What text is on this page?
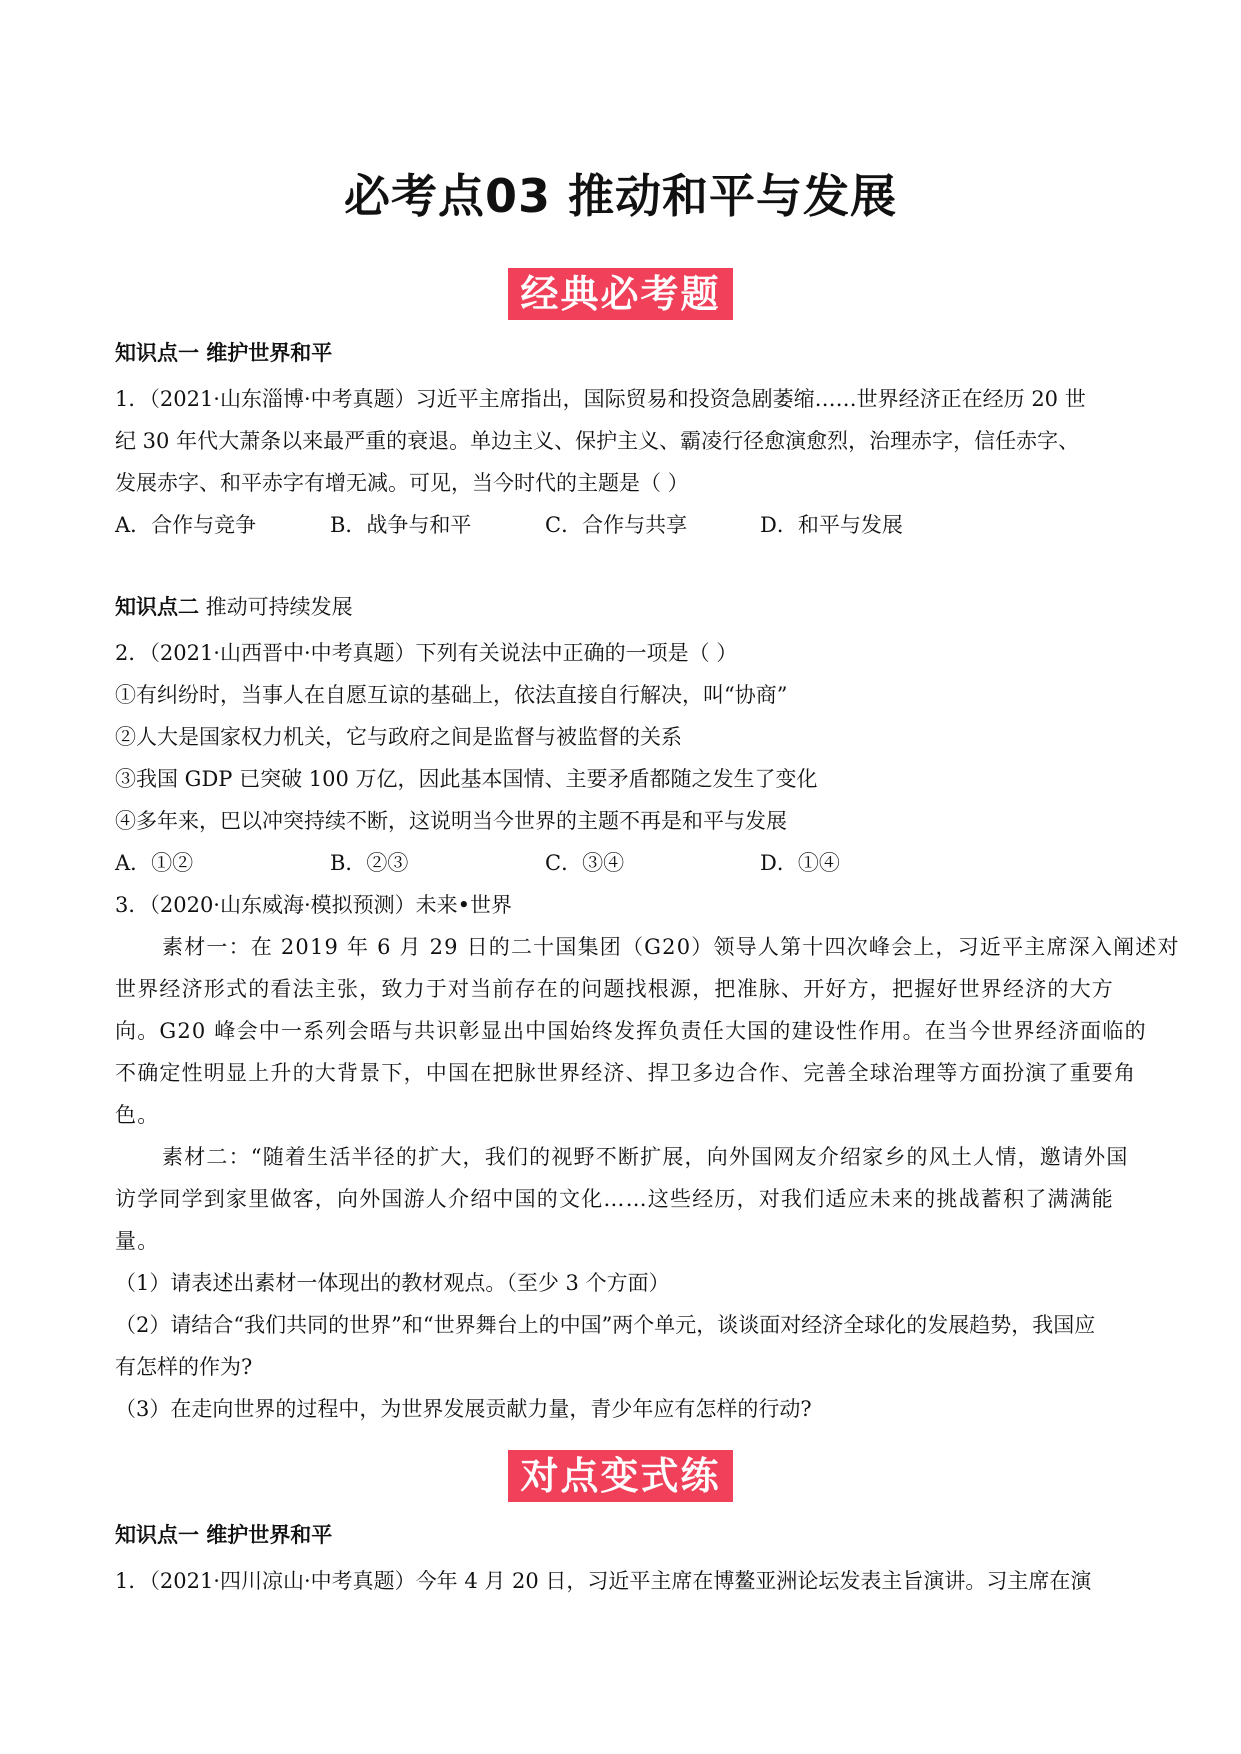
必考点03 推动和平与发展
经典必考题
知识点一 维护世界和平
1．（2021·山东淄博·中考真题）习近平主席指出，国际贸易和投资急剧萎缩……世界经济正在经历 20 世
纪 30 年代大萧条以来最严重的衰退。单边主义、保护主义、霸凌行径愈演愈烈，治理赤字，信任赤字、
发展赤字、和平赤字有增无减。可见，当今时代的主题是（ ）
A．合作与竞争	B．战争与和平	C．合作与共享	D．和平与发展
知识点二 推动可持续发展
2．（2021·山西晋中·中考真题）下列有关说法中正确的一项是（ ）
①有纠纷时，当事人在自愿互谅的基础上，依法直接自行解决，叫“协商”
②人大是国家权力机关，它与政府之间是监督与被监督的关系
③我国 GDP 已突破 100 万亿，因此基本国情、主要矛盾都随之发生了变化
④多年来，巴以冲突持续不断，这说明当今世界的主题不再是和平与发展
A．①②	B．②③	C．③④	D．①④
3．（2020·山东威海·模拟预测）未来•世界
素材一：在 2019 年 6 月 29 日的二十国集团（G20）领导人第十四次峰会上，习近平主席深入阐述对
世界经济形式的看法主张，致力于对当前存在的问题找根源，把准脉、开好方，把握好世界经济的大方
向。G20 峰会中一系列会晤与共识彰显出中国始终发挥负责任大国的建设性作用。在当今世界经济面临的
不确定性明显上升的大背景下，中国在把脉世界经济、捍卫多边合作、完善全球治理等方面扮演了重要角
色。
素材二：“随着生活半径的扩大，我们的视野不断扩展，向外国网友介绍家乡的风土人情，邀请外国
访学同学到家里做客，向外国游人介绍中国的文化……这些经历，对我们适应未来的挑战蓄积了满满能
量。
（1）请表述出素材一体现出的教材观点。（至少 3 个方面）
（2）请结合“我们共同的世界”和“世界舞台上的中国”两个单元，谈谈面对经济全球化的发展趋势，我国应
有怎样的作为?
（3）在走向世界的过程中，为世界发展贡献力量，青少年应有怎样的行动?
对点变式练
知识点一 维护世界和平
1．（2021·四川凉山·中考真题）今年 4 月 20 日，习近平主席在博鳌亚洲论坛发表主旨演讲。习主席在演
